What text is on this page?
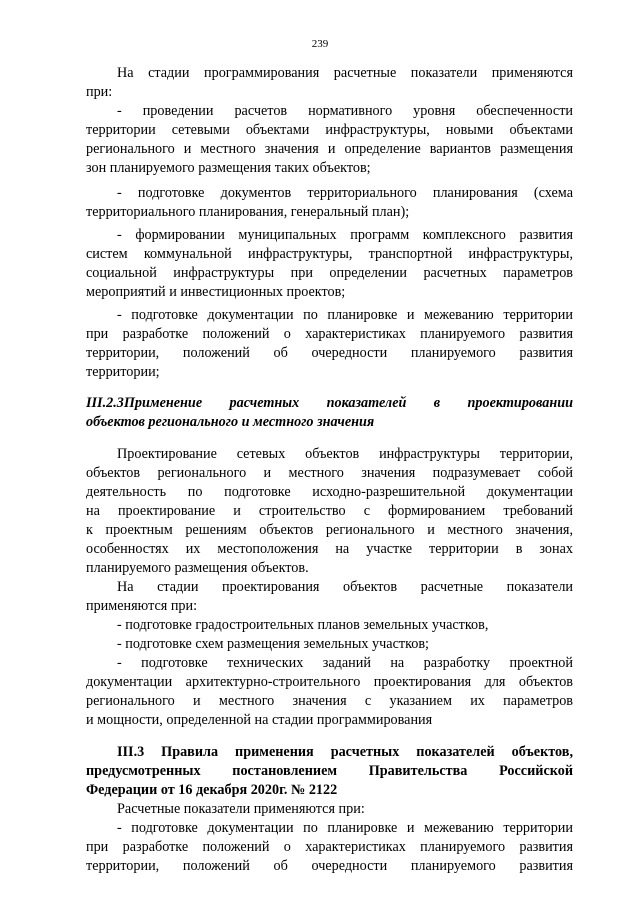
239
На стадии программирования расчетные показатели применяются
при:
- проведении расчетов нормативного уровня обеспеченности
территории сетевыми объектами инфраструктуры, новыми объектами
регионального и местного значения и определение вариантов размещения
зон планируемого размещения таких объектов;
- подготовке документов территориального планирования (схема
территориального планирования, генеральный план);
- формировании муниципальных программ комплексного развития
систем коммунальной инфраструктуры, транспортной инфраструктуры,
социальной инфраструктуры при определении расчетных параметров
мероприятий и инвестиционных проектов;
- подготовке документации по планировке и межеванию территории
при разработке положений о характеристиках планируемого развития
территории, положений об очередности планируемого развития
территории;
III.2.3Применение расчетных показателей в проектировании
объектов регионального и местного значения
Проектирование сетевых объектов инфраструктуры территории,
объектов регионального и местного значения подразумевает собой
деятельность по подготовке исходно-разрешительной документации
на проектирование и строительство с формированием требований
к проектным решениям объектов регионального и местного значения,
особенностях их местоположения на участке территории в зонах
планируемого размещения объектов.
На стадии проектирования объектов расчетные показатели
применяются при:
- подготовке градостроительных планов земельных участков,
- подготовке схем размещения земельных участков;
- подготовке технических заданий на разработку проектной
документации архитектурно-строительного проектирования для объектов
регионального и местного значения с указанием их параметров
и мощности, определенной на стадии программирования
III.3 Правила применения расчетных показателей объектов,
предусмотренных постановлением Правительства Российской
Федерации от 16 декабря 2020г. № 2122
Расчетные показатели применяются при:
- подготовке документации по планировке и межеванию территории
при разработке положений о характеристиках планируемого развития
территории, положений об очередности планируемого развития
